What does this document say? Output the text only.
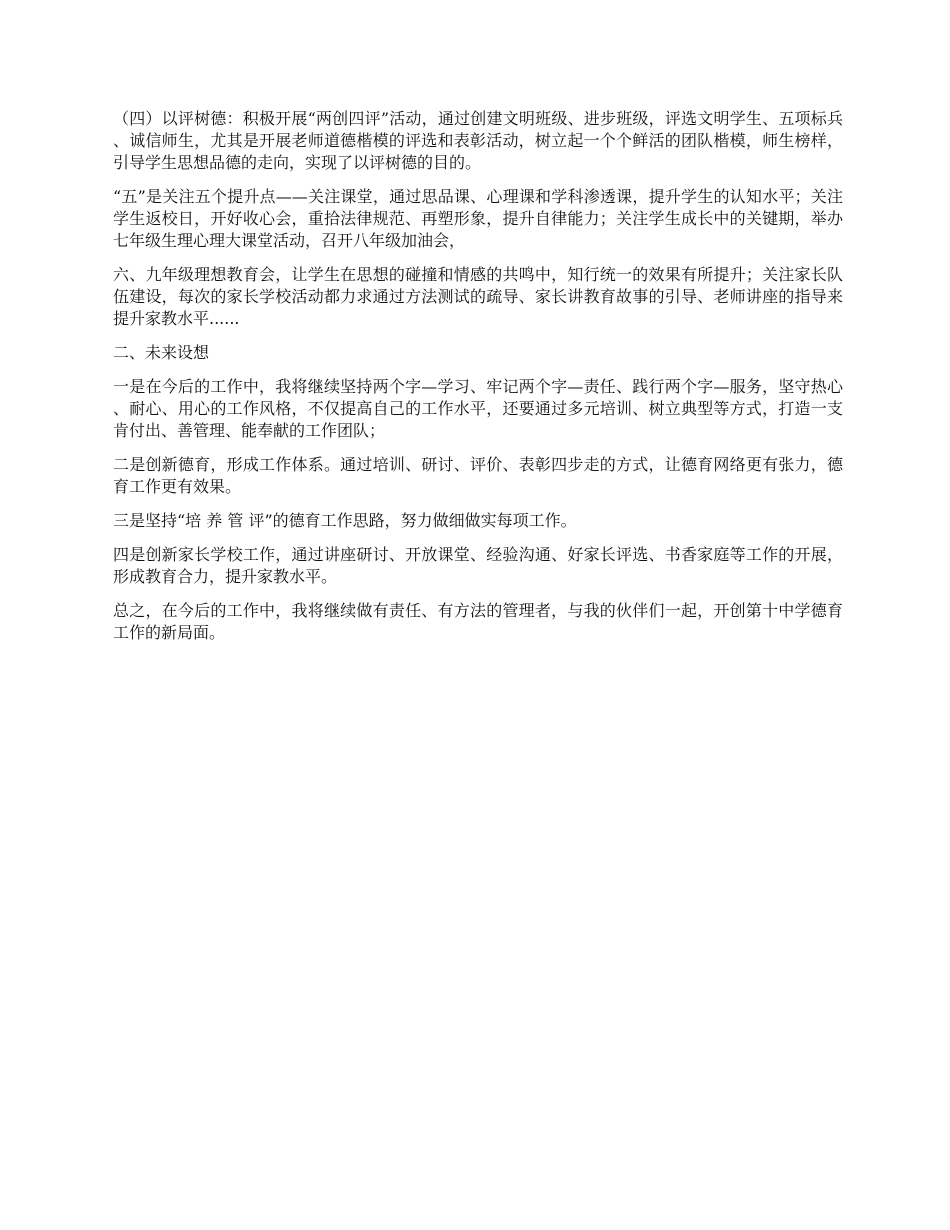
（四）以评树德：积极开展“两创四评”活动，通过创建文明班级、进步班级，评选文明学生、五项标兵、诚信师生，尤其是开展老师道德楷模的评选和表彰活动，树立起一个个鲜活的团队楷模，师生榜样，引导学生思想品德的走向，实现了以评树德的目的。

“五”是关注五个提升点——关注课堂，通过思品课、心理课和学科渗透课，提升学生的认知水平；关注学生返校日，开好收心会，重拾法律规范、再塑形象，提升自律能力；关注学生成长中的关键期，举办七年级生理心理大课堂活动，召开八年级加油会，

六、九年级理想教育会，让学生在思想的碰撞和情感的共鸣中，知行统一的效果有所提升；关注家长队伍建设，每次的家长学校活动都力求通过方法测试的疏导、家长讲教育故事的引导、老师讲座的指导来提升家教水平......

二、未来设想

一是在今后的工作中，我将继续坚持两个字—学习、牢记两个字—责任、践行两个字—服务，坚守热心、耐心、用心的工作风格，不仅提高自己的工作水平，还要通过多元培训、树立典型等方式，打造一支肯付出、善管理、能奉献的工作团队；

二是创新德育，形成工作体系。通过培训、研讨、评价、表彰四步走的方式，让德育网络更有张力，德育工作更有效果。

三是坚持“培 养 管 评”的德育工作思路，努力做细做实每项工作。

四是创新家长学校工作，通过讲座研讨、开放课堂、经验沟通、好家长评选、书香家庭等工作的开展，形成教育合力，提升家教水平。

总之，在今后的工作中，我将继续做有责任、有方法的管理者，与我的伙伴们一起，开创第十中学德育工作的新局面。
